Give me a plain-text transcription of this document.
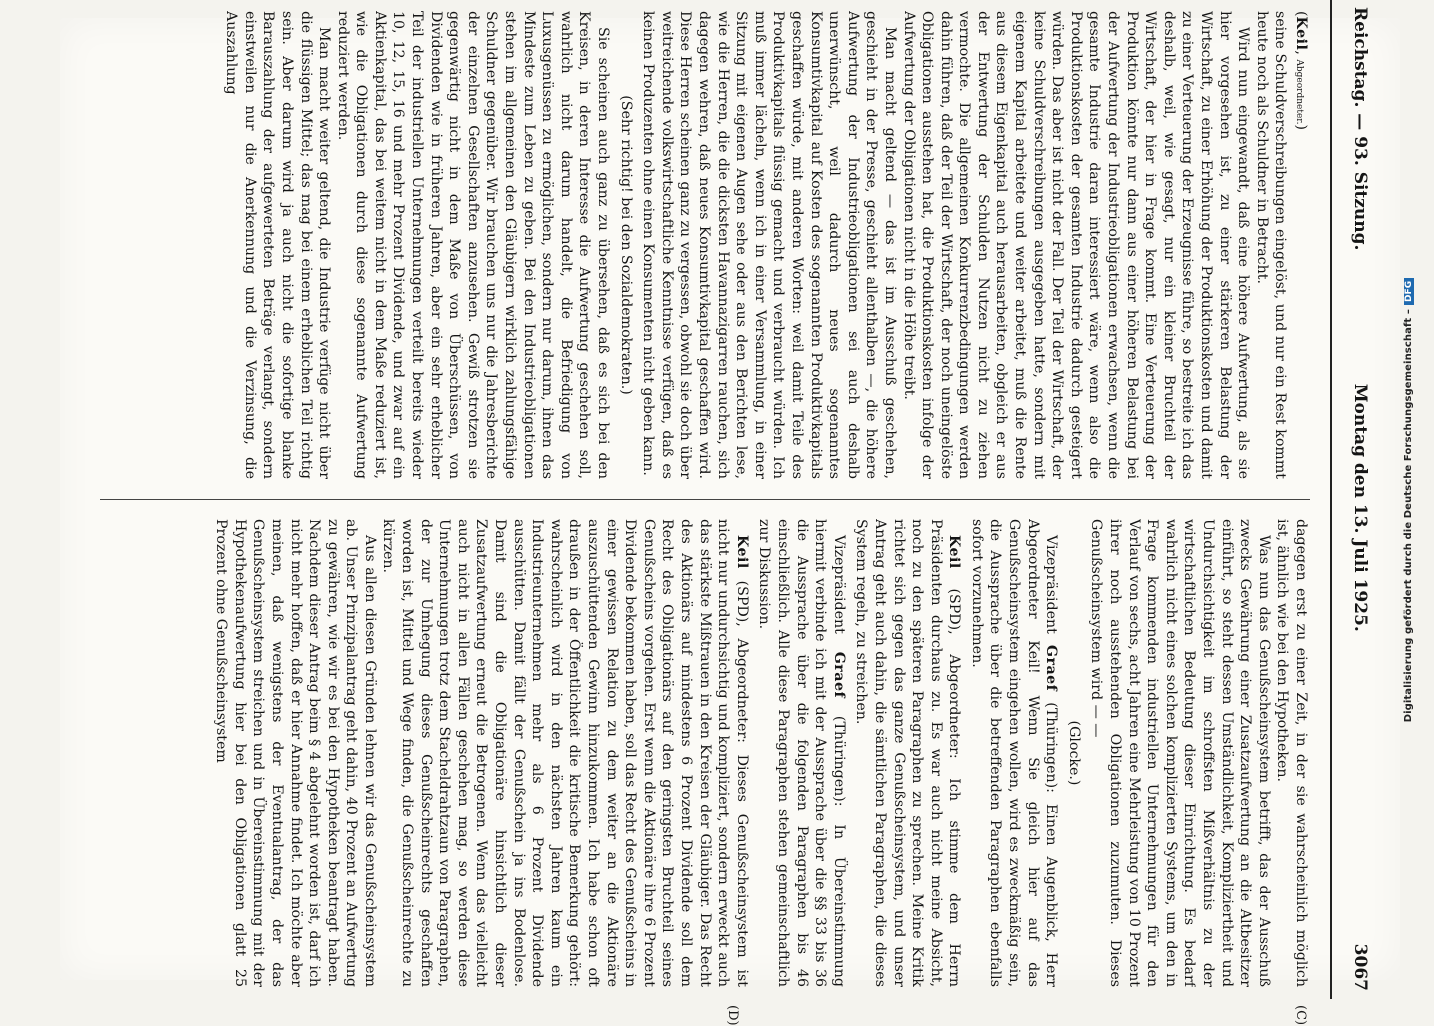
Reichstag. — 93. Sitzung.
Montag den 13. Juli 1925.  3067
(C)
(D)

(Keil, Abgeordneter.)

seine Schuldverschreibungen eingelöst, und nur ein Rest kommt heute noch als Schuldner in Betracht.

Wird nun eingewandt, daß eine höhere Aufwertung, als sie hier vorgesehen ist, zu einer stärkeren Belastung der Wirtschaft, zu einer Erhöhung der Produktionskosten und damit zu einer Verteuerung der Erzeugnisse führe, so bestreite ich das deshalb, weil, wie gesagt, nur ein kleiner Bruchteil der Wirtschaft, der hier in Frage kommt. Eine Verteuerung der Produktion könnte nur dann aus einer höheren Belastung bei der Aufwertung der Industrieobligationen erwachsen, wenn die gesamte Industrie daran interessiert wäre, wenn also die Produktionskosten der gesamten Industrie dadurch gesteigert würden. Das aber ist nicht der Fall. Der Teil der Wirtschaft, der keine Schuldverschreibungen ausgegeben hatte, sondern mit eigenem Kapital arbeitete und weiter arbeitet, muß die Rente aus diesem Eigenkapital auch herausarbeiten, obgleich er aus der Entwertung der Schulden Nutzen nicht zu ziehen vermochte. Die allgemeinen Konkurrenzbedingungen werden dahin führen, daß der Teil der Wirtschaft, der noch uneingelöste Obligationen ausstehen hat, die Produktionskosten infolge der Aufwertung der Obligationen nicht in die Höhe treibt.

Man macht geltend — das ist im Ausschuß geschehen, geschieht in der Presse, geschieht allenthalben —, die höhere Aufwertung der Industrieobligationen sei auch deshalb unerwünscht, weil dadurch neues sogenanntes Konsumtivkapital auf Kosten des sogenannten Produktivkapitals geschaffen würde, mit anderen Worten: weil damit Teile des Produktivkapitals flüssig gemacht und verbraucht würden. Ich muß immer lächeln, wenn ich in einer Versammlung, in einer Sitzung mit eigenen Augen sehe oder aus den Berichten lese, wie die Herren, die die dicksten Havannazigarren rauchen, sich dagegen wehren, daß neues Konsumtivkapital geschaffen wird. Diese Herren scheinen ganz zu vergessen, obwohl sie doch über weitreichende volkswirtschaftliche Kenntnisse verfügen, daß es keinen Produzenten ohne einen Konsumenten nicht geben kann.

(Sehr richtig! bei den Sozialdemokraten.)

Sie scheinen auch ganz zu übersehen, daß es sich bei den Kreisen, in deren Interesse die Aufwertung geschehen soll, wahrlich nicht darum handelt, die Befriedigung von Luxusgenüssen zu ermöglichen, sondern nur darum, ihnen das Mindeste zum Leben zu geben. Bei den Industrieobligationen stehen im allgemeinen den Gläubigern wirklich zahlungsfähige Schuldner gegenüber. Wir brauchen uns nur die Jahresberichte der einzelnen Gesellschaften anzusehen. Gewiß strotzen sie gegenwärtig nicht in dem Maße von Überschüssen, von Dividenden wie in früheren Jahren, aber ein sehr erheblicher Teil der industriellen Unternehmungen verteilt bereits wieder 10, 12, 15, 16 und mehr Prozent Dividende, und zwar auf ein Aktienkapital, das bei weitem nicht in dem Maße reduziert ist, wie die Obligationen durch diese sogenannte Aufwertung reduziert werden.

Man macht weiter geltend, die Industrie verfüge nicht über die flüssigen Mittel; das mag bei einem erheblichen Teil richtig sein. Aber darum wird ja auch nicht die sofortige blanke Barauszahlung der aufgewerteten Beträge verlangt, sondern einstweilen nur die Anerkennung und die Verzinsung, die Auszahlung

dagegen erst zu einer Zeit, in der sie wahrscheinlich möglich ist, ähnlich wie bei den Hypotheken.

Was nun das Genußscheinsystem betrifft, das der Ausschuß zwecks Gewährung einer Zusatzaufwertung an die Altbesitzer einführt, so steht dessen Umständlichkeit, Kompliziertheit und Undurchsichtigkeit im schroffsten Mißverhältnis zu der wirtschaftlichen Bedeutung dieser Einrichtung. Es bedarf wahrlich nicht eines solchen komplizierten Systems, um den in Frage kommenden industriellen Unternehmungen für den Verlauf von sechs, acht Jahren eine Mehrleistung von 10 Prozent ihrer noch ausstehenden Obligationen zuzumuten. Dieses Genußscheinsystem wird — —

(Glocke.)

Vizepräsident Graef (Thüringen): Einen Augenblick, Herr Abgeordneter Keil! Wenn Sie gleich hier auf das Genußscheinsystem eingehen wollen, wird es zweckmäßig sein, die Aussprache über die betreffenden Paragraphen ebenfalls sofort vorzunehmen.

Keil (SPD), Abgeordneter: Ich stimme dem Herrn Präsidenten durchaus zu. Es war auch nicht meine Absicht, noch zu den späteren Paragraphen zu sprechen. Meine Kritik richtet sich gegen das ganze Genußscheinsystem, und unser Antrag geht auch dahin, die sämtlichen Paragraphen, die dieses System regeln, zu streichen.

Vizepräsident Graef (Thüringen): In Übereinstimmung hiermit verbinde ich mit der Aussprache über die §§ 33 bis 36 die Aussprache über die folgenden Paragraphen bis 46 einschließlich. Alle diese Paragraphen stehen gemeinschaftlich zur Diskussion.

Keil (SPD), Abgeordneter: Dieses Genußscheinsystem ist nicht nur undurchsichtig und kompliziert, sondern erweckt auch das stärkste Mißtrauen in den Kreisen der Gläubiger. Das Recht des Aktionärs auf mindestens 6 Prozent Dividende soll dem Recht des Obligationärs auf den geringsten Bruchteil seines Genußscheins vorgehen. Erst wenn die Aktionäre ihre 6 Prozent Dividende bekommen haben, soll das Recht des Genußscheins in einer gewissen Relation zu dem weiter an die Aktionäre auszuschüttenden Gewinn hinzukommen. Ich habe schon oft draußen in der Öffentlichkeit die kritische Bemerkung gehört: wahrscheinlich wird in den nächsten Jahren kaum ein Industrieunternehmen mehr als 6 Prozent Dividende ausschütten. Damit fällt der Genußschein ja ins Bodenlose. Damit sind die Obligationäre hinsichtlich dieser Zusatzaufwertung erneut die Betrogenen. Wenn das vielleicht auch nicht in allen Fällen geschehen mag, so werden diese Unternehmungen trotz dem Stacheldrahtzaun von Paragraphen, der zur Umhegung dieses Genußscheinrechts geschaffen worden ist, Mittel und Wege finden, die Genußscheinrechte zu kürzen.

Aus allen diesen Gründen lehnen wir das Genußscheinsystem ab. Unser Prinzipalantrag geht dahin, 40 Prozent an Aufwertung zu gewähren, wie wir es bei den Hypotheken beantragt haben. Nachdem dieser Antrag beim § 4 abgelehnt worden ist, darf ich nicht mehr hoffen, daß er hier Annahme findet. Ich möchte aber meinen, daß wenigstens der Eventualantrag, der das Genußscheinsystem streichen und in Übereinstimmung mit der Hypothekenaufwertung hier bei den Obligationen glatt 25 Prozent ohne Genußscheinsystem	Digitalisierung gefördert durch die Deutsche Forschungsgemeinschaft –DFG
